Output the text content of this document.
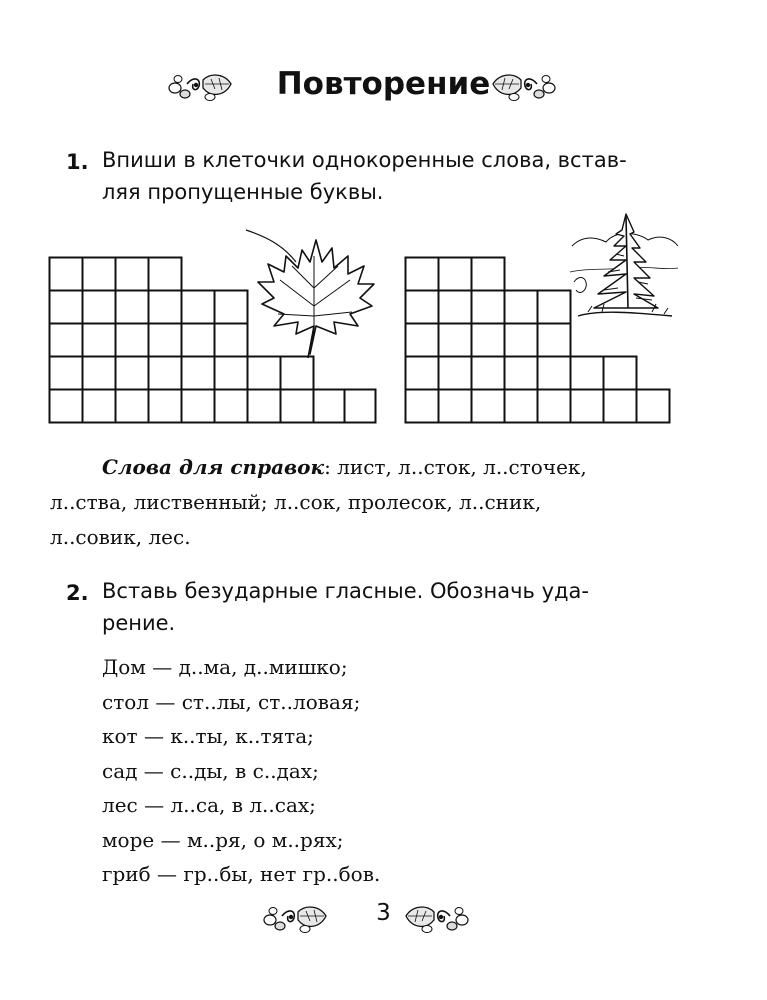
Повторение
1. Впиши в клеточки однокоренные слова, встав-
ляя пропущенные буквы.
Слова для справок: лист, л..сток, л..сточек,
л..ства, лиственный; л..сок, пролесок, л..сник,
л..совик, лес.
2. Вставь безударные гласные. Обозначь уда-
рение.
Дом — д..ма, д..мишко;
стол — ст..лы, ст..ловая;
кот — к..ты, к..тята;
сад — с..ды, в с..дах;
лес — л..са, в л..сах;
море — м..ря, о м..рях;
гриб — гр..бы, нет гр..бов.
3
